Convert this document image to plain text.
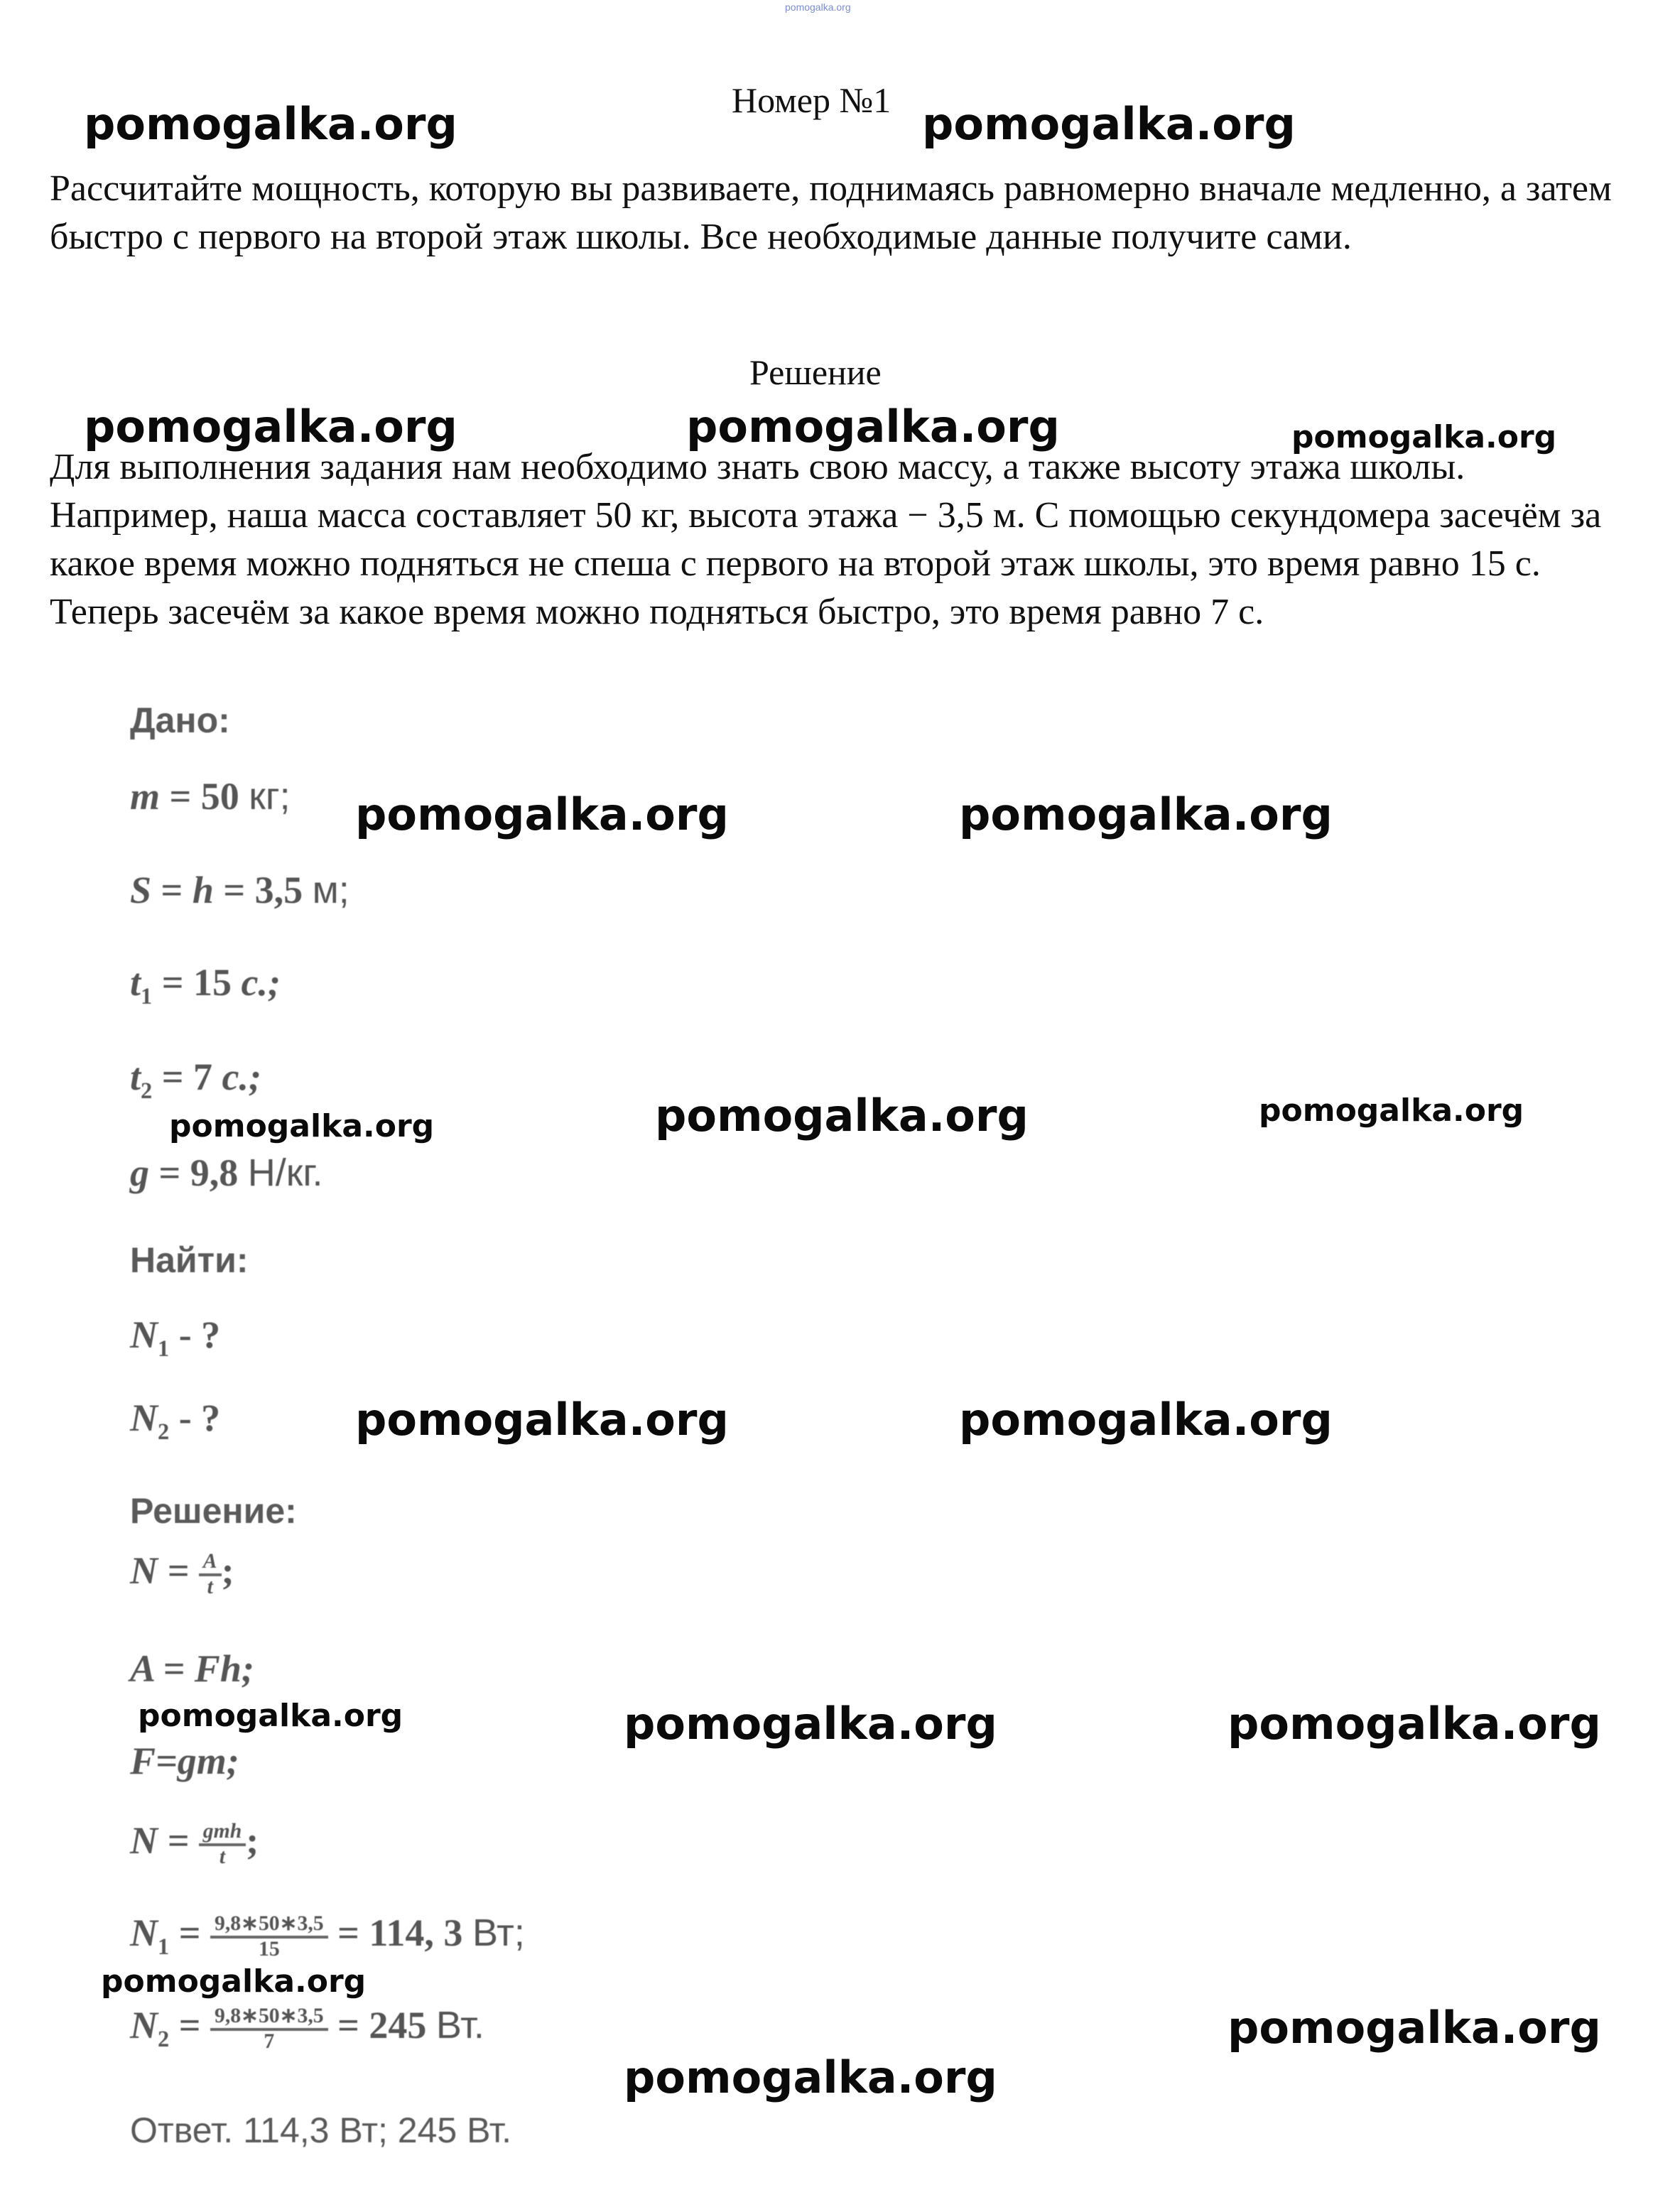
pomogalka.org
Номер №1
Рассчитайте мощность, которую вы развиваете, поднимаясь равномерно вначале медленно, а затем быстро с первого на второй этаж школы. Все необходимые данные получите сами.
Решение
Для выполнения задания нам необходимо знать свою массу, а также высоту этажа школы. Например, наша масса составляет 50 кг, высота этажа − 3,5 м. С помощью секундомера засечём за какое время можно подняться не спеша с первого на второй этаж школы, это время равно 15 с. Теперь засечём за какое время можно подняться быстро, это время равно 7 с.
Дано:
m = 50 кг;
S = h = 3,5 м;
$t_1 = 15$ c.;
$t_2 = 7$ c.;
g = 9,8 Н/кг.
Найти:
$N_1$ - ?
$N_2$ - ?
Решение:
$N = \frac{A}{t}$ ;
A = Fh;
F=gm;
$N = \frac{\text{gmh}}{t}$ ;
$N_1 = \frac{9,8∗50∗3,5}{15} = 114$, 3 Вт;
$N_2 = \frac{9,8∗50∗3,5}{7} = 245$ Вт.
Ответ. 114,3 Вт; 245 Вт.
pomogalka.org	pomogalka.org
pomogalka.org	pomogalka.org	pomogalka.org
pomogalka.org	pomogalka.org
pomogalka.org	pomogalka.org	pomogalka.org
pomogalka.org	pomogalka.org
pomogalka.org	pomogalka.org	pomogalka.org
pomogalka.org
pomogalka.org
pomogalka.org
